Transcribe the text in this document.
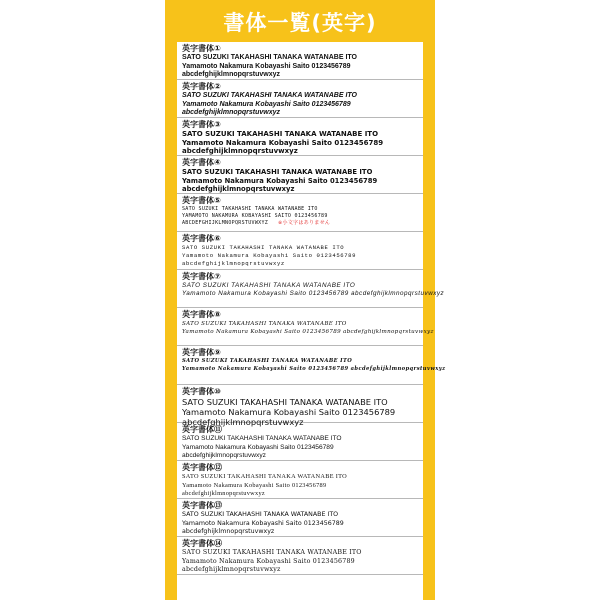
書体一覧(英字)
英字書体①
SATO SUZUKI TAKAHASHI TANAKA WATANABE ITO
Yamamoto Nakamura Kobayashi Saito 0123456789
abcdefghijklmnopqrstuvwxyz
英字書体②
SATO SUZUKI TAKAHASHI TANAKA WATANABE ITO
Yamamoto Nakamura Kobayashi Saito 0123456789
abcdefghijklmnopqrstuvwxyz
英字書体③
SATO SUZUKI TAKAHASHI TANAKA WATANABE ITO
Yamamoto Nakamura Kobayashi Saito 0123456789
abcdefghijklmnopqrstuvwxyz
英字書体④
SATO SUZUKI TAKAHASHI TANAKA WATANABE ITO
Yamamoto Nakamura Kobayashi Saito 0123456789
abcdefghijklmnopqrstuvwxyz
英字書体⑤
SATO SUZUKI TAKAHASHI TANAKA WATANABE ITO
YAMAMOTO NAKAMURA KOBAYASHI SAITO 0123456789
ABCDEFGHIJKLMNOPQRSTUVWXYZ ※小文字はありません
英字書体⑥
SATO SUZUKI TAKAHASHI TANAKA WATANABE ITO
Yamamoto Nakamura Kobayashi Saito 0123456789
abcdefghijklmnopqrstuvwxyz
英字書体⑦
SATO SUZUKI TAKAHASHI TANAKA WATANABE ITO
Yamamoto Nakamura Kobayashi Saito 0123456789 abcdefghijklmnopqrstuvwxyz
英字書体⑧
SATO SUZUKI TAKAHASHI TANAKA WATANABE ITO
Yamamoto Nakamura Kobayashi Saito 0123456789 abcdefghijklmnopqrstuvwxyz
英字書体⑨
SATO SUZUKI TAKAHASHI TANAKA WATANABE ITO
Yamamoto Nakamura Kobayashi Saito 0123456789 abcdefghijklmnopqrstuvwxyz
英字書体⑩
SATO SUZUKI TAKAHASHI TANAKA WATANABE ITO
Yamamoto Nakamura Kobayashi Saito 0123456789
abcdefghijklmnopqrstuvwxyz
英字書体⑪
SATO SUZUKI TAKAHASHI TANAKA WATANABE ITO
Yamamoto Nakamura Kobayashi Saito 0123456789
abcdefghijklmnopqrstuvwxyz
英字書体⑫
SATO SUZUKI TAKAHASHI TANAKA WATANABE ITO
Yamamoto Nakamura Kobayashi Saito 0123456789
abcdefghijklmnopqrstuvwxyz
英字書体⑬
SATO SUZUKI TAKAHASHI TANAKA WATANABE ITO
Yamamoto Nakamura Kobayashi Saito 0123456789
abcdefghijklmnopqrstuvwxyz
英字書体⑭
SATO SUZUKI TAKAHASHI TANAKA WATANABE ITO
Yamamoto Nakamura Kobayashi Saito 0123456789
abcdefghijklmnopqrstuvwxyz
